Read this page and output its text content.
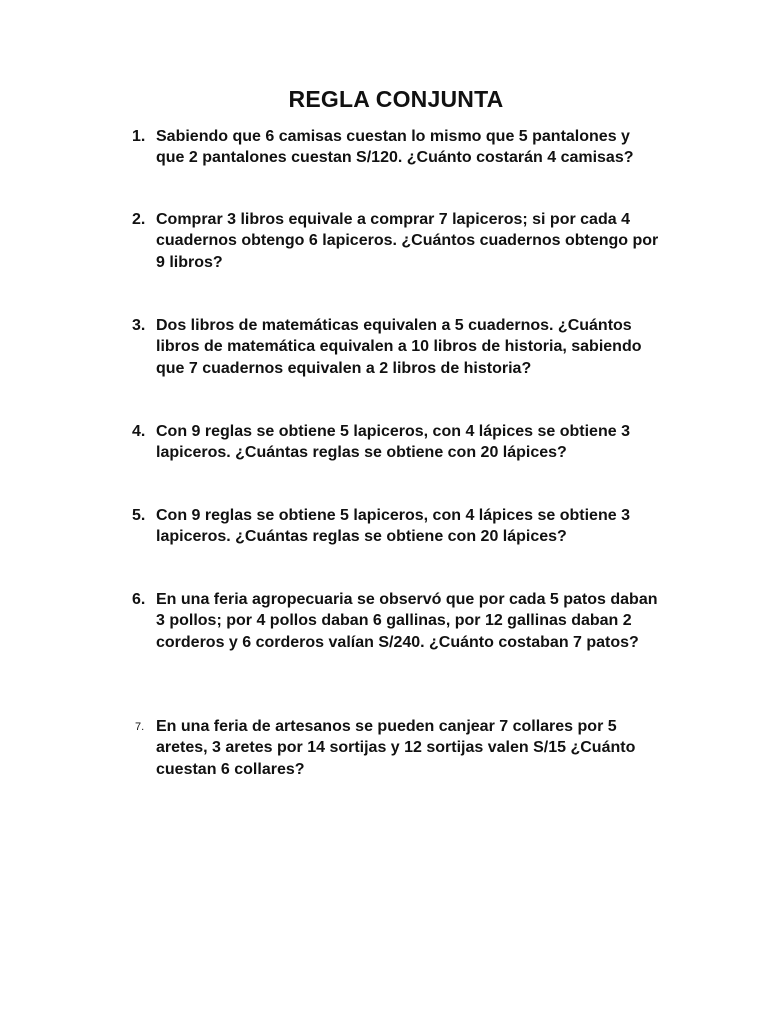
REGLA CONJUNTA
1. Sabiendo que 6 camisas cuestan lo mismo que 5 pantalones y que 2 pantalones cuestan S/120. ¿Cuánto costarán 4 camisas?
2. Comprar 3 libros equivale a comprar 7 lapiceros; si por cada 4 cuadernos obtengo 6 lapiceros. ¿Cuántos cuadernos obtengo por 9 libros?
3. Dos libros de matemáticas equivalen a 5 cuadernos. ¿Cuántos libros de matemática equivalen a 10 libros de historia, sabiendo que 7 cuadernos equivalen a 2 libros de historia?
4. Con 9 reglas se obtiene 5 lapiceros, con 4 lápices se obtiene 3 lapiceros. ¿Cuántas reglas se obtiene con 20 lápices?
5. Con 9 reglas se obtiene 5 lapiceros, con 4 lápices se obtiene 3 lapiceros. ¿Cuántas reglas se obtiene con 20 lápices?
6. En una feria agropecuaria se observó que por cada 5 patos daban 3 pollos; por 4 pollos daban 6 gallinas, por 12 gallinas daban 2 corderos y 6 corderos valían S/240. ¿Cuánto costaban 7 patos?
7. En una feria de artesanos se pueden canjear 7 collares por 5 aretes, 3 aretes por 14 sortijas y 12 sortijas valen S/15 ¿Cuánto cuestan 6 collares?
